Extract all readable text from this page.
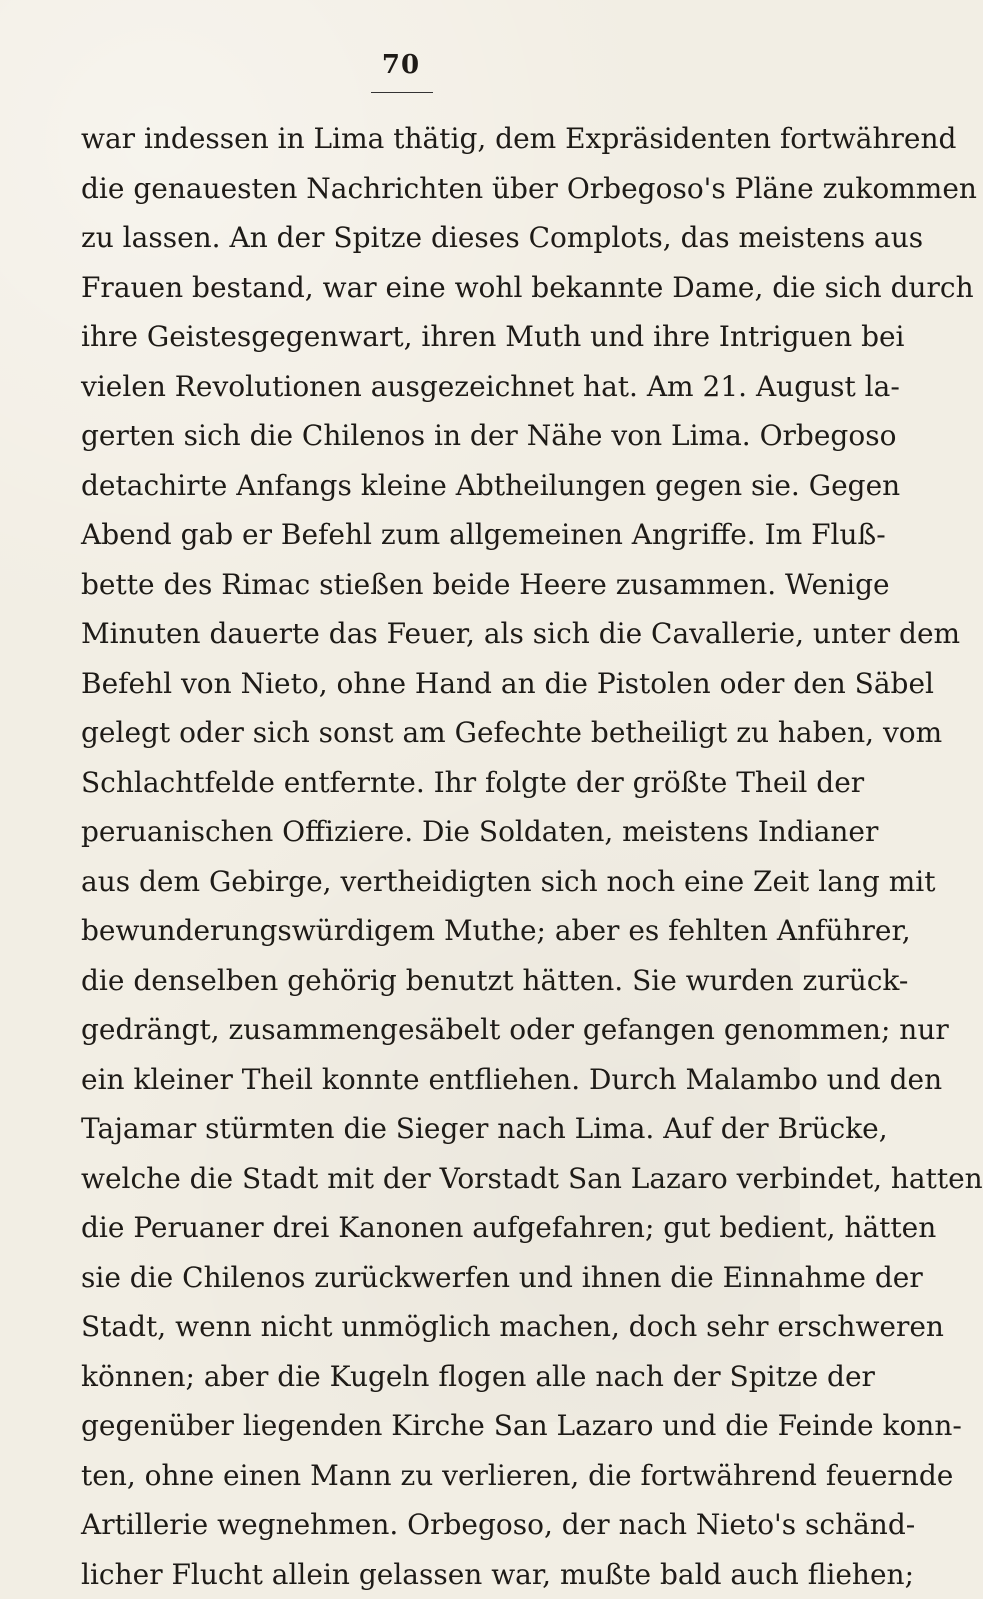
70
war indessen in Lima thätig, dem Expräsidenten fortwährend
die genauesten Nachrichten über Orbegoso's Pläne zukommen
zu lassen. An der Spitze dieses Complots, das meistens aus
Frauen bestand, war eine wohl bekannte Dame, die sich durch
ihre Geistesgegenwart, ihren Muth und ihre Intriguen bei
vielen Revolutionen ausgezeichnet hat. Am 21. August la-
gerten sich die Chilenos in der Nähe von Lima. Orbegoso
detachirte Anfangs kleine Abtheilungen gegen sie. Gegen
Abend gab er Befehl zum allgemeinen Angriffe. Im Fluß-
bette des Rimac stießen beide Heere zusammen. Wenige
Minuten dauerte das Feuer, als sich die Cavallerie, unter dem
Befehl von Nieto, ohne Hand an die Pistolen oder den Säbel
gelegt oder sich sonst am Gefechte betheiligt zu haben, vom
Schlachtfelde entfernte. Ihr folgte der größte Theil der
peruanischen Offiziere. Die Soldaten, meistens Indianer
aus dem Gebirge, vertheidigten sich noch eine Zeit lang mit
bewunderungswürdigem Muthe; aber es fehlten Anführer,
die denselben gehörig benutzt hätten. Sie wurden zurück-
gedrängt, zusammengesäbelt oder gefangen genommen; nur
ein kleiner Theil konnte entfliehen. Durch Malambo und den
Tajamar stürmten die Sieger nach Lima. Auf der Brücke,
welche die Stadt mit der Vorstadt San Lazaro verbindet, hatten
die Peruaner drei Kanonen aufgefahren; gut bedient, hätten
sie die Chilenos zurückwerfen und ihnen die Einnahme der
Stadt, wenn nicht unmöglich machen, doch sehr erschweren
können; aber die Kugeln flogen alle nach der Spitze der
gegenüber liegenden Kirche San Lazaro und die Feinde konn-
ten, ohne einen Mann zu verlieren, die fortwährend feuernde
Artillerie wegnehmen. Orbegoso, der nach Nieto's schänd-
licher Flucht allein gelassen war, mußte bald auch fliehen;
